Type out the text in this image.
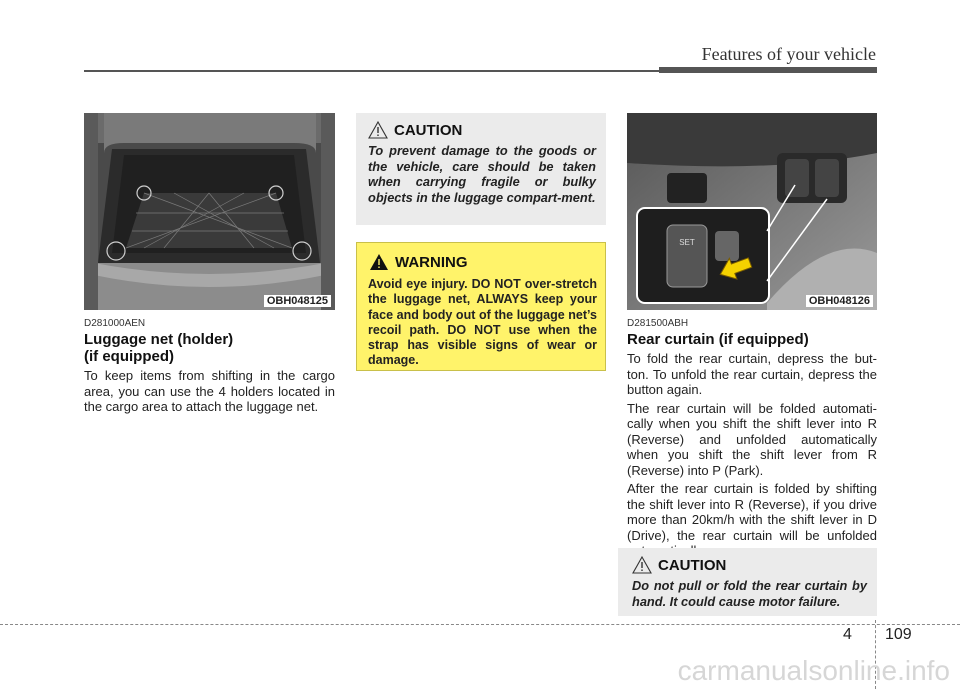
Features of your vehicle
OBH048125
D281000AEN
Luggage net (holder)
(if equipped)

To keep items from shifting in the cargo area, you can use the 4 holders located in the cargo area to attach the luggage net.

CAUTION
To prevent damage to the goods or the vehicle, care should be taken when carrying fragile or bulky objects in the luggage compart-ment.
WARNING
Avoid eye injury. DO NOT over-stretch the luggage net, ALWAYS keep your face and body out of the luggage net’s recoil path. DO NOT use when the strap has visible signs of wear or damage.
SET
OBH048126
D281500ABH
Rear curtain (if equipped)

To fold the rear curtain, depress the but-ton. To unfold the rear curtain, depress the button again.

The rear curtain will be folded automati-cally when you shift the shift lever into R (Reverse) and unfolded automatically when you shift the shift lever from R (Reverse) into P (Park).

After the rear curtain is folded by shifting the shift lever into R (Reverse), if you drive more than 20km/h with the shift lever in D (Drive), the rear curtain will be unfolded

CAUTION
Do not pull or fold the rear curtain by hand. It could cause motor failure.
4 109
carmanualsonline.info
